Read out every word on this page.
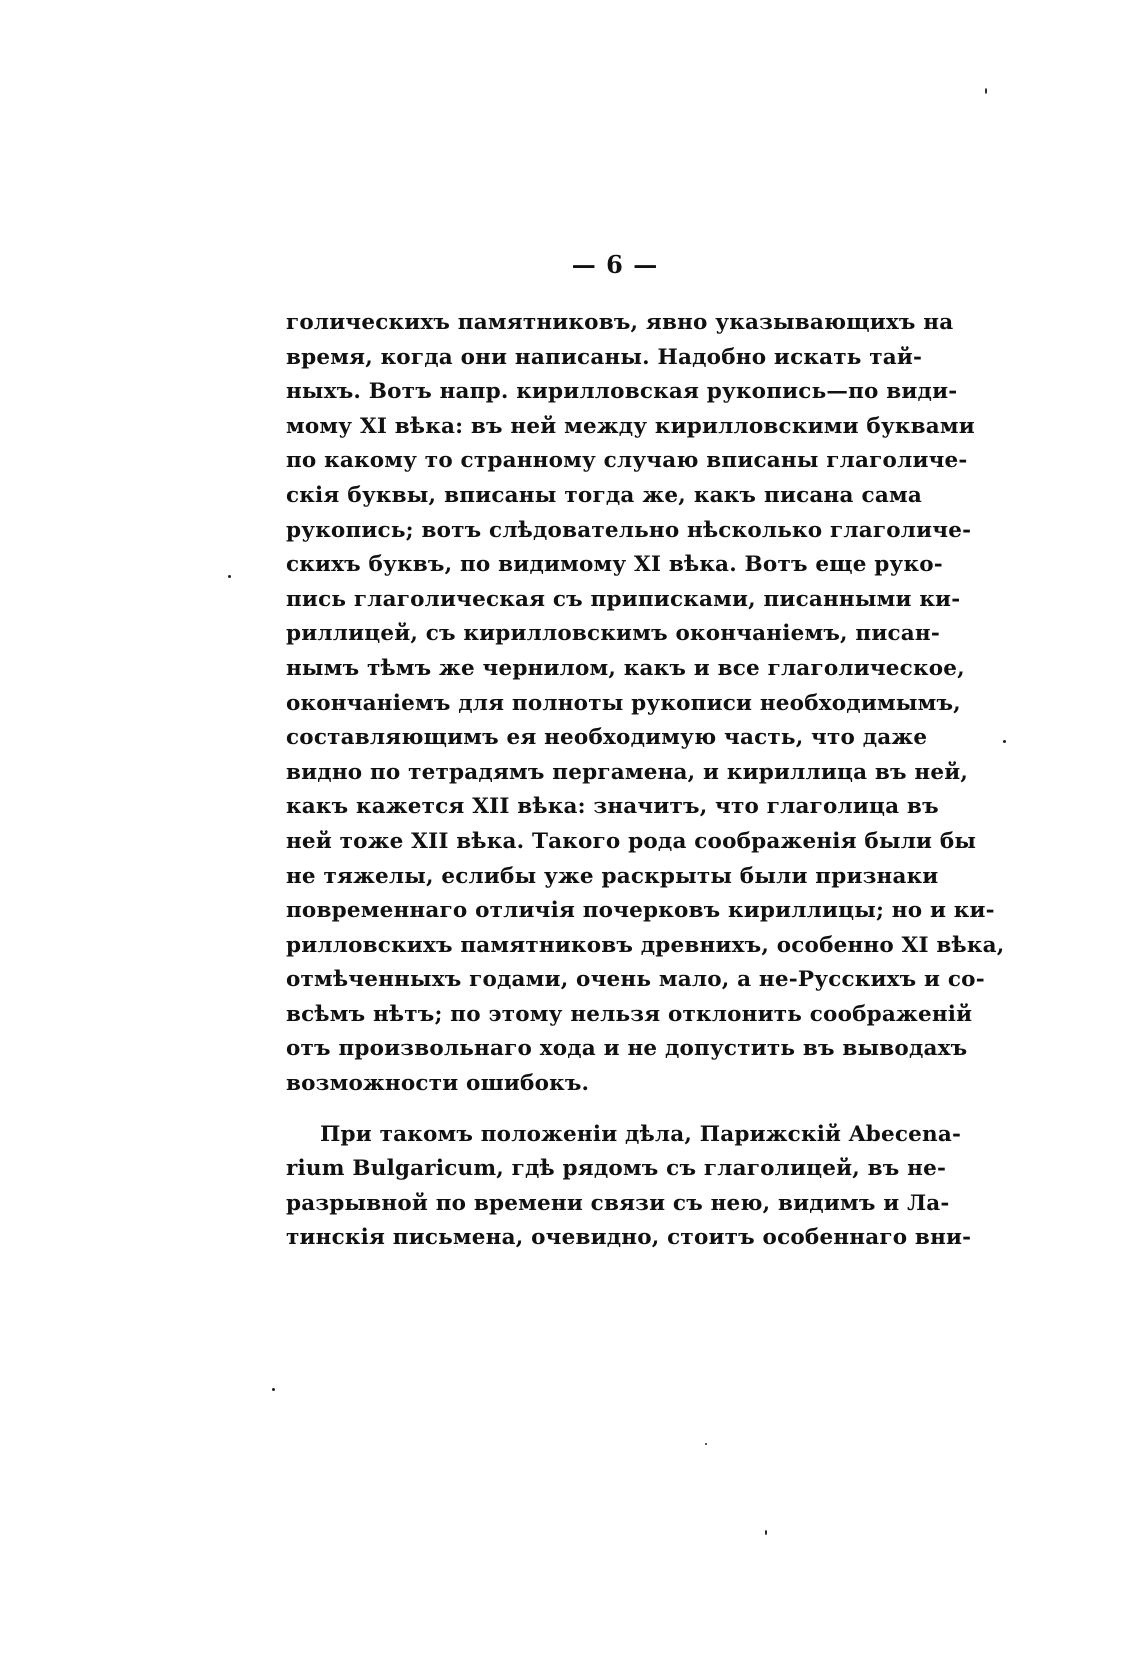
— 6 —
голическихъ памятниковъ, явно указывающихъ на
время, когда они написаны. Надобно искать тай-
ныхъ. Вотъ напр. кирилловская рукопись—по види-
мому XI вѣка: въ ней между кирилловскими буквами
по какому то странному случаю вписаны глаголиче-
скія буквы, вписаны тогда же, какъ писана сама
рукопись; вотъ слѣдовательно нѣсколько глаголиче-
скихъ буквъ, по видимому XI вѣка. Вотъ еще руко-
пись глаголическая съ приписками, писанными ки-
риллицей, съ кирилловскимъ окончаніемъ, писан-
нымъ тѣмъ же чернилом, какъ и все глаголическое,
окончаніемъ для полноты рукописи необходимымъ,
составляющимъ ея необходимую часть, что даже
видно по тетрадямъ пергамена, и кириллица въ ней,
какъ кажется XII вѣка: значитъ, что глаголица въ
ней тоже XII вѣка. Такого рода соображенія были бы
не тяжелы, еслибы уже раскрыты были признаки
повременнаго отличія почерковъ кириллицы; но и ки-
рилловскихъ памятниковъ древнихъ, особенно XI вѣка,
отмѣченныхъ годами, очень мало, а не-Русскихъ и со-
всѣмъ нѣтъ; по этому нельзя отклонить соображеній
отъ произвольнаго хода и не допустить въ выводахъ
возможности ошибокъ.
При такомъ положеніи дѣла, Парижскій Abecena-
rium Bulgaricum, гдѣ рядомъ съ глаголицей, въ не-
разрывной по времени связи съ нею, видимъ и Ла-
тинскія письмена, очевидно, стоитъ особеннаго вни-
